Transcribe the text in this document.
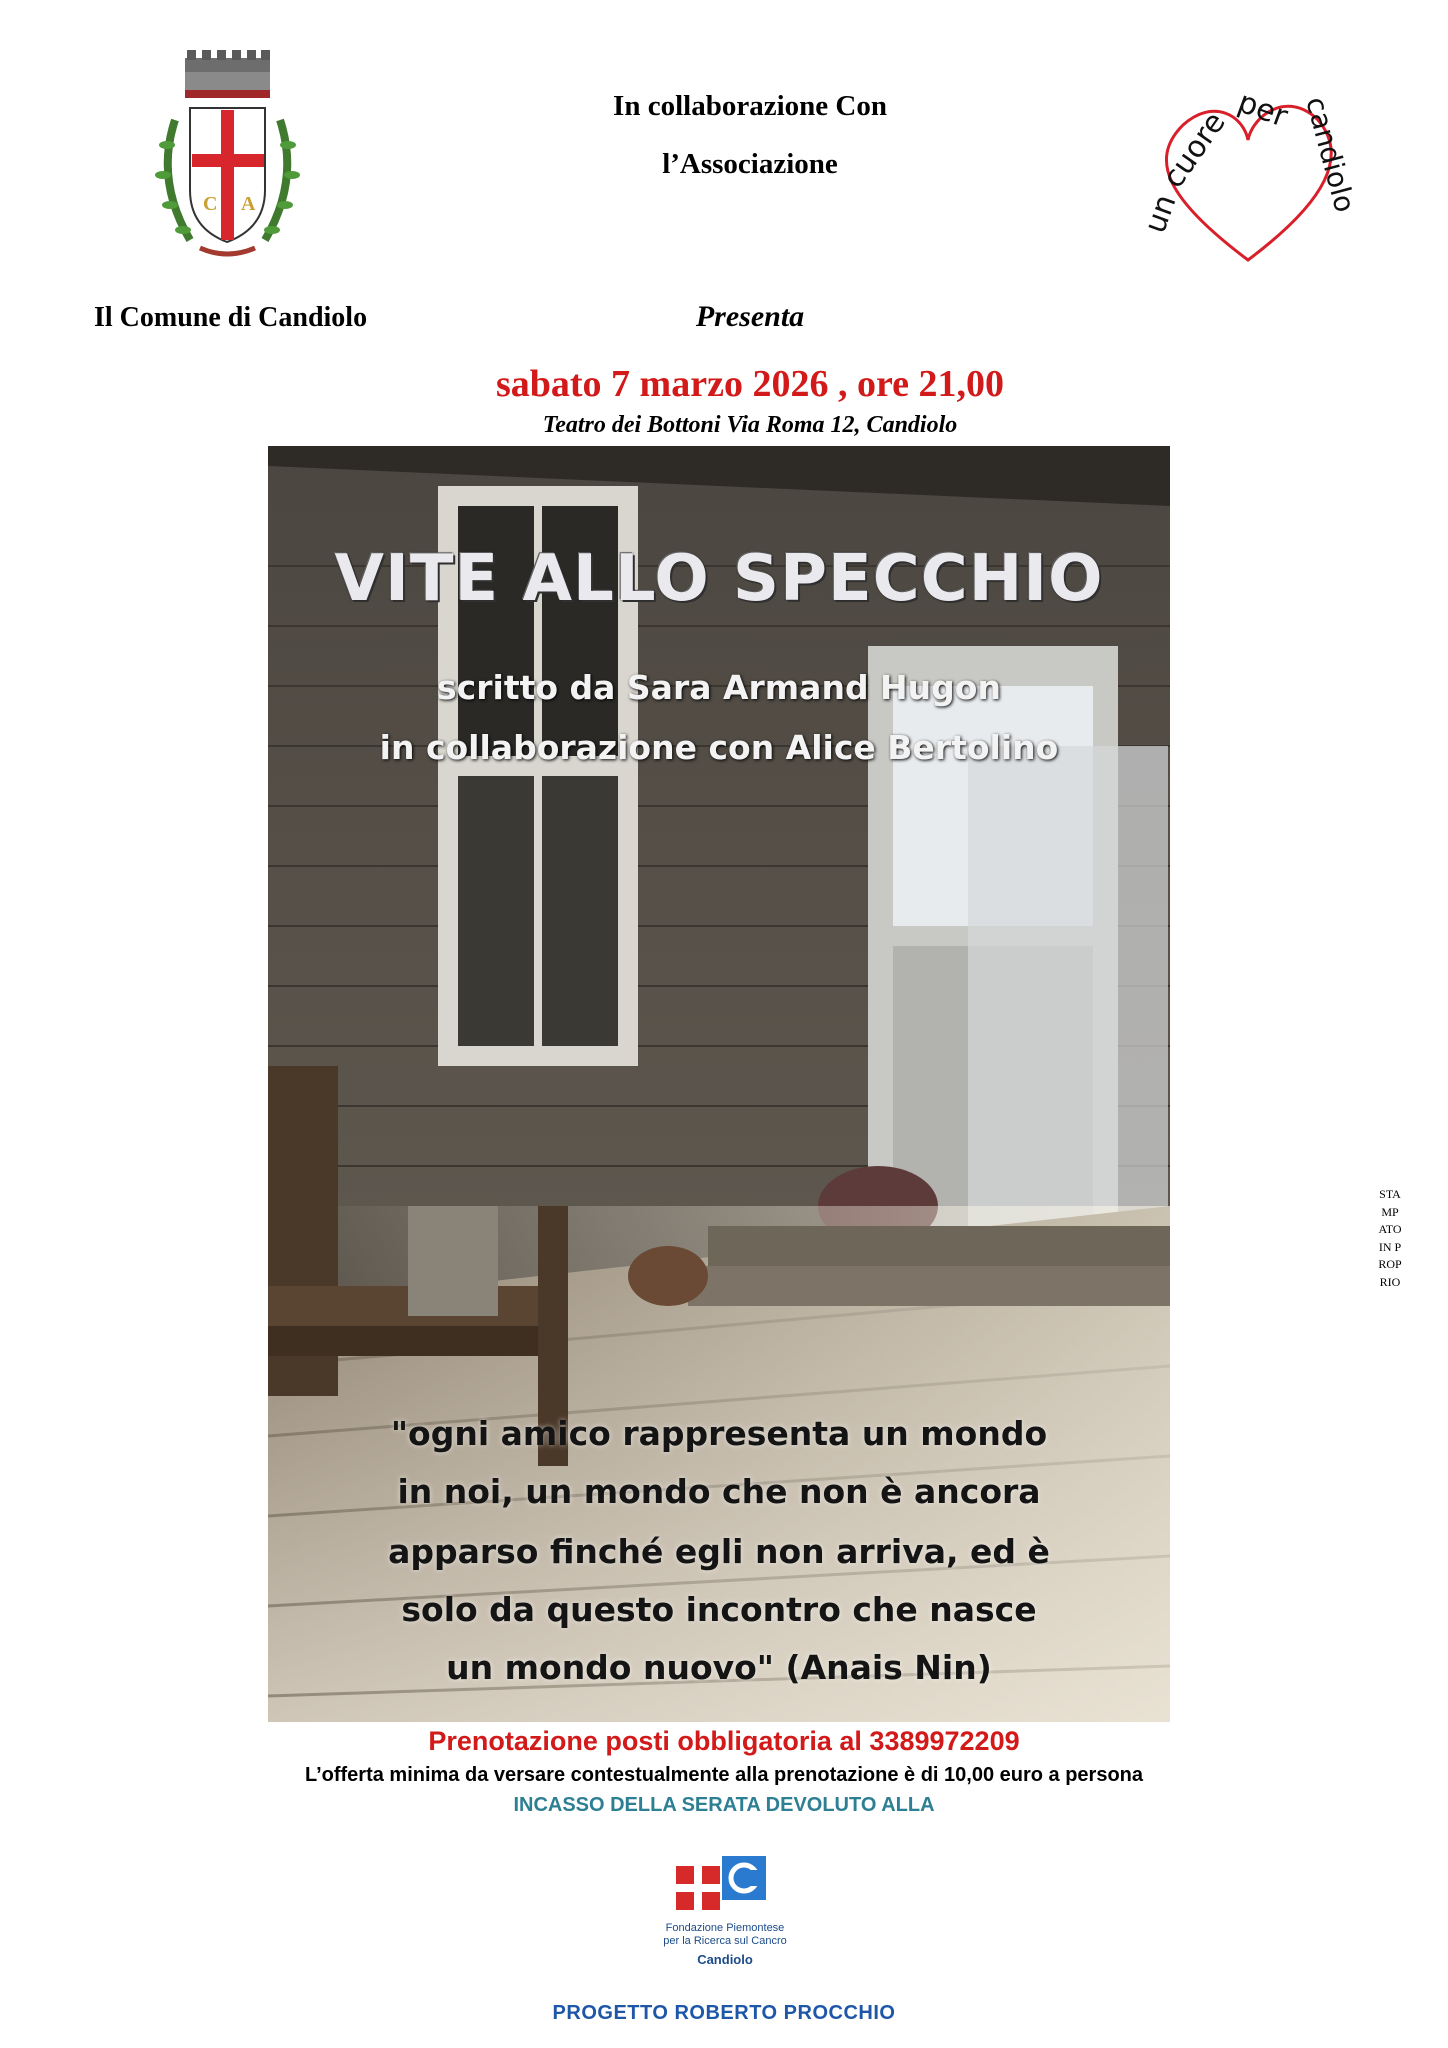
C A
In collaborazione Con
l’Associazione
un
cuore per candiolo
Il Comune di Candiolo	Presenta
sabato 7 marzo 2026 , ore 21,00
Teatro dei Bottoni Via Roma 12, Candiolo
VITE ALLO SPECCHIO
scritto da Sara Armand Hugon
in collaborazione con Alice Bertolino
"ogni amico rappresenta un mondo
in noi, un mondo che non è ancora
apparso finché egli non arriva, ed è
solo da questo incontro che nasce
un mondo nuovo" (Anais Nin)
Prenotazione posti obbligatoria al 3389972209
L’offerta minima da versare contestualmente alla prenotazione è di 10,00 euro a persona
INCASSO DELLA SERATA DEVOLUTO ALLA
Fondazione Piemontese
per la Ricerca sul Cancro
Candiolo
PROGETTO ROBERTO PROCCHIO
STAMPATO IN PROPRIO
